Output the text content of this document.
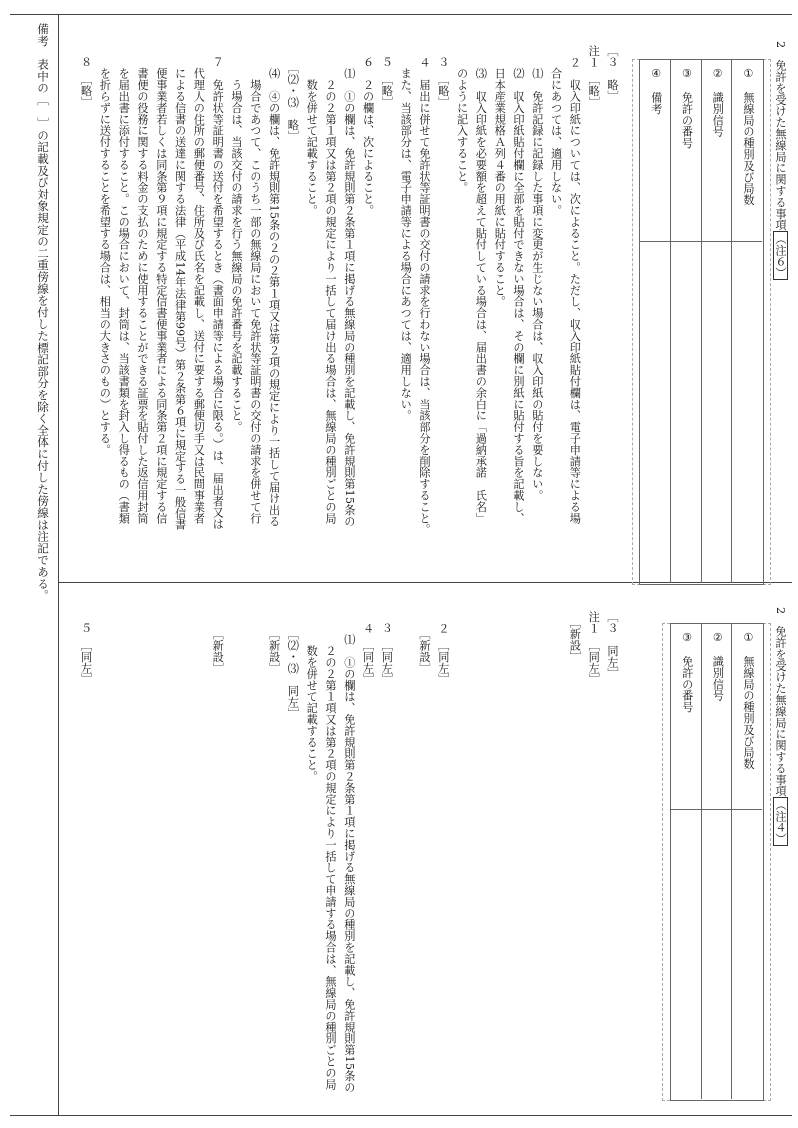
備考　表中の［　］の記載及び対象規定の二重傍線を付した標記部分を除く全体に付した傍線は注記である。	2　免許を受けた無線局に関する事項（注６）
2　免許を受けた無線局に関する事項（注４）
①　無線局の種別及び局数
②　識別信号
③　免許の番号
④　備考
①　無線局の種別及び局数
②　識別信号
③　免許の番号
［３　略］
注１　［略］
　２　収入印紙については、次によること。ただし、収入印紙貼付欄は、電子申請等による場
　　合にあつては、適用しない。
　　⑴　免許記録に記録した事項に変更が生じない場合は、収入印紙の貼付を要しない。
　　⑵　収入印紙貼付欄に全部を貼付できない場合は、その欄に別紙に貼付する旨を記載し、
　　日本産業規格Ａ列４番の用紙に貼付すること。
　　⑶　収入印紙を必要額を超えて貼付している場合は、届出書の余白に「過納承諾　氏名」
　　のように記入すること。
　３　［略］
　４　届出に併せて免許状等証明書の交付の請求を行わない場合は、当該部分を削除すること。
　　また、当該部分は、電子申請等による場合にあつては、適用しない。
　５　［略］
　６　２の欄は、次によること。
　　⑴　①の欄は、免許規則第２条第１項に掲げる無線局の種別を記載し、免許規則第15条の
　　　２の２第１項又は第２項の規定により一括して届け出る場合は、無線局の種別ごとの局
　　　数を併せて記載すること。
　　［⑵・⑶　略］
　　⑷　④の欄は、免許規則第15条の２の２第１項又は第２項の規定により一括して届け出る
　　　場合であつて、このうち一部の無線局において免許状等証明書の交付の請求を併せて行
　　　う場合は、当該交付の請求を行う無線局の免許番号を記載すること。
　７　免許状等証明書の送付を希望するとき（書面申請等による場合に限る。）は、届出者又は
　　代理人の住所の郵便番号、住所及び氏名を記載し、送付に要する郵便切手又は民間事業者
　　による信書の送達に関する法律（平成14年法律第99号）第２条第６項に規定する一般信書
　　便事業者若しくは同条第９項に規定する特定信書便事業者による同条第２項に規定する信
　　書便の役務に関する料金の支払のために使用することができる証票を貼付した返信用封筒
　　を届出書に添付すること。この場合において、封筒は、当該書類を封入し得るもの（書類
　　を折らずに送付することを希望する場合は、相当の大きさのもの）とする。
　８　［略］
［３　同左］
注１　［同左］
　［新設］
　２　［同左］
　　［新設］
　３　［同左］
　４　［同左］
　　⑴　①の欄は、免許規則第２条第１項に掲げる無線局の種別を記載し、免許規則第15条の
　　　２の２第１項又は第２項の規定により一括して申請する場合は、無線局の種別ごとの局
　　　数を併せて記載すること。
　　［⑵・⑶　同左］
　　［新設］
　　［新設］
　５　［同左］
